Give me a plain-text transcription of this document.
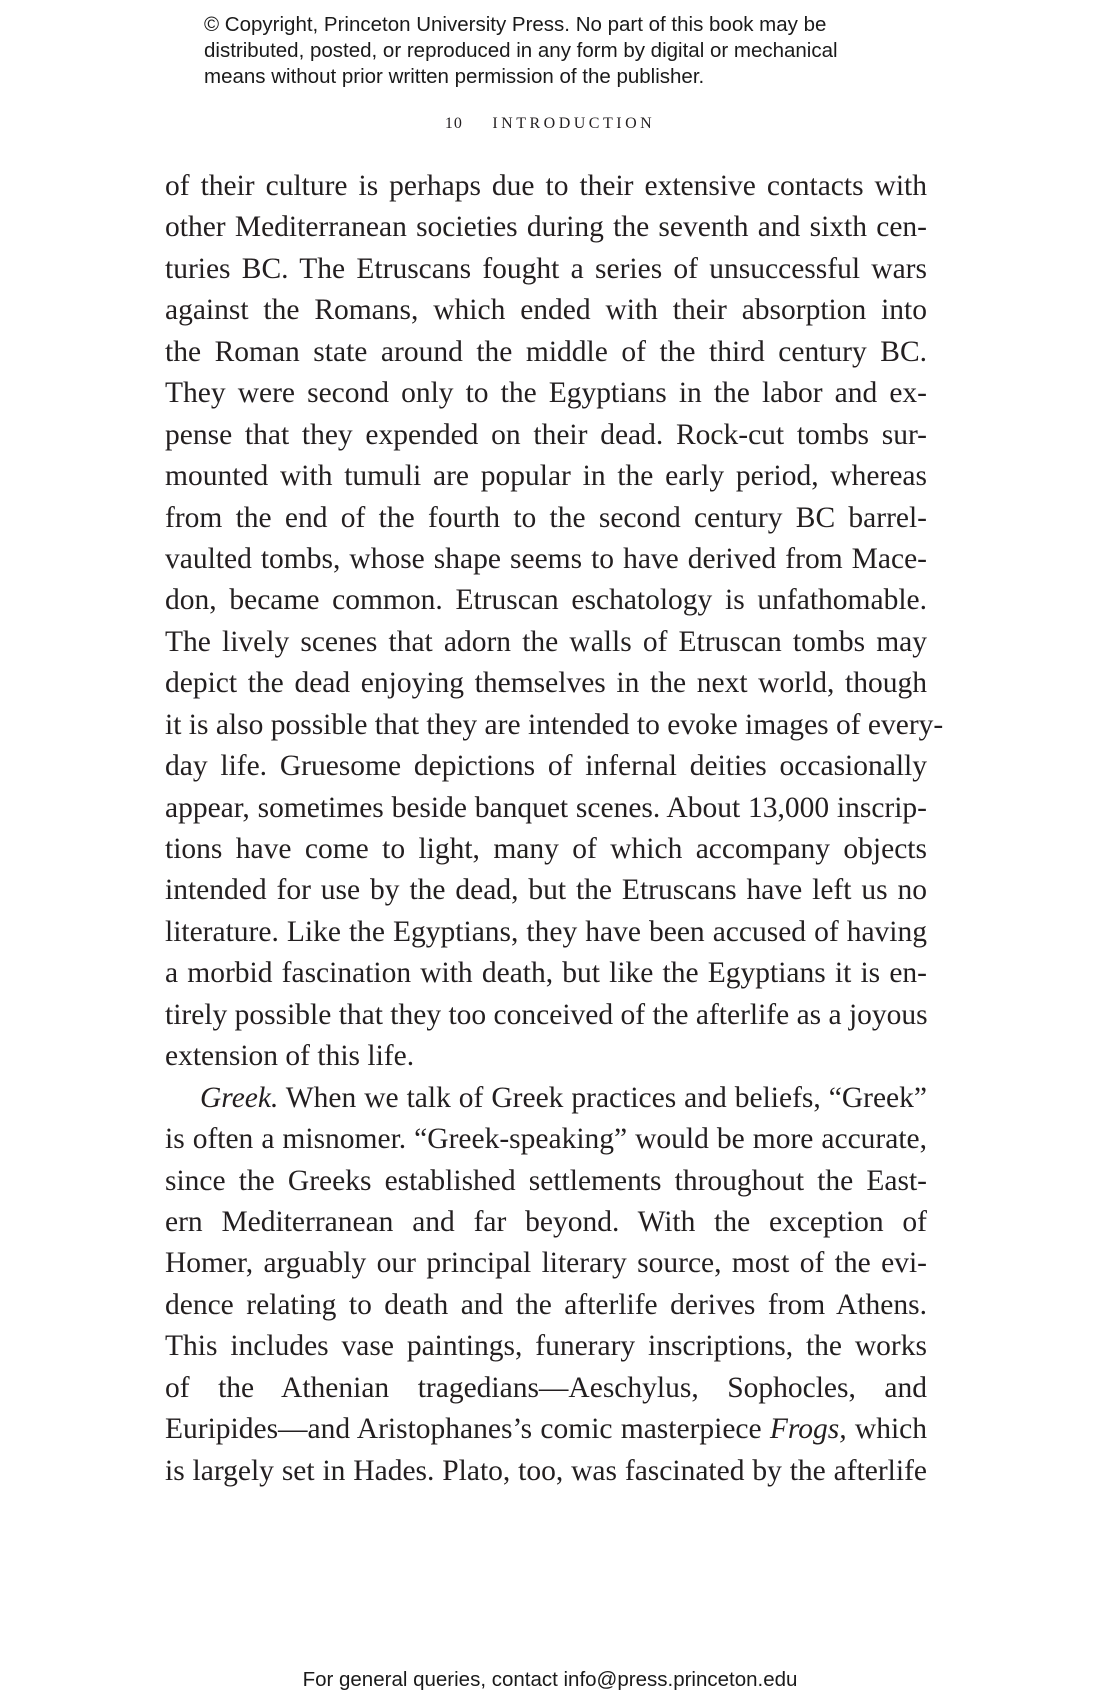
© Copyright, Princeton University Press. No part of this book may be
distributed, posted, or reproduced in any form by digital or mechanical
means without prior written permission of the publisher.
10 INTRODUCTION
of their culture is perhaps due to their extensive contacts with
other Mediterranean societies during the seventh and sixth cen-
turies BC. The Etruscans fought a series of unsuccessful wars
against the Romans, which ended with their absorption into
the Roman state around the middle of the third century BC.
They were second only to the Egyptians in the labor and ex-
pense that they expended on their dead. Rock-cut tombs sur-
mounted with tumuli are popular in the early period, whereas
from the end of the fourth to the second century BC barrel-
vaulted tombs, whose shape seems to have derived from Mace-
don, became common. Etruscan eschatology is unfathomable.
The lively scenes that adorn the walls of Etruscan tombs may
depict the dead enjoying themselves in the next world, though
it is also possible that they are intended to evoke images of every-
day life. Gruesome depictions of infernal deities occasionally
appear, sometimes beside banquet scenes. About 13,000 inscrip-
tions have come to light, many of which accompany objects
intended for use by the dead, but the Etruscans have left us no
literature. Like the Egyptians, they have been accused of having
a morbid fascination with death, but like the Egyptians it is en-
tirely possible that they too conceived of the afterlife as a joyous
extension of this life.
Greek. When we talk of Greek practices and beliefs, “Greek”
is often a misnomer. “Greek-speaking” would be more accurate,
since the Greeks established settlements throughout the East-
ern Mediterranean and far beyond. With the exception of
Homer, arguably our principal literary source, most of the evi-
dence relating to death and the afterlife derives from Athens.
This includes vase paintings, funerary inscriptions, the works
of the Athenian tragedians—Aeschylus, Sophocles, and
Euripides—and Aristophanes’s comic masterpiece Frogs, which
is largely set in Hades. Plato, too, was fascinated by the afterlife
For general queries, contact info@press.princeton.edu
